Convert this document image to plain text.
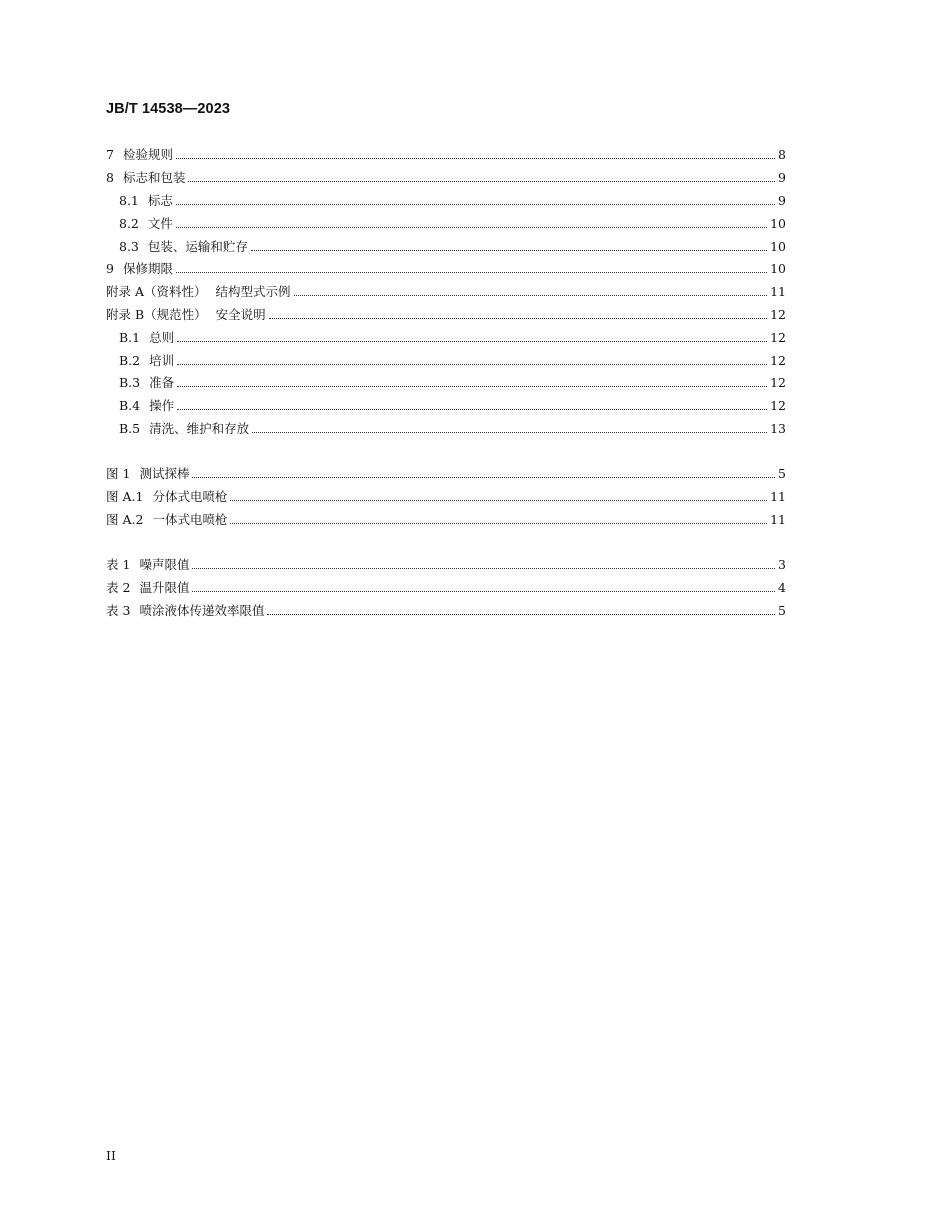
JB/T 14538—2023
7 检验规则	8
8 标志和包装	9
8.1 标志	9
8.2 文件	10
8.3 包装、运输和贮存	10
9 保修期限	10
附录 A（资料性） 结构型式示例	11
附录 B（规范性） 安全说明	12
B.1 总则	12
B.2 培训	12
B.3 准备	12
B.4 操作	12
B.5 清洗、维护和存放	13
图 1 测试探棒	5
图 A.1 分体式电喷枪	11
图 A.2 一体式电喷枪	11
表 1 噪声限值	3
表 2 温升限值	4
表 3 喷涂液体传递效率限值	5
II
